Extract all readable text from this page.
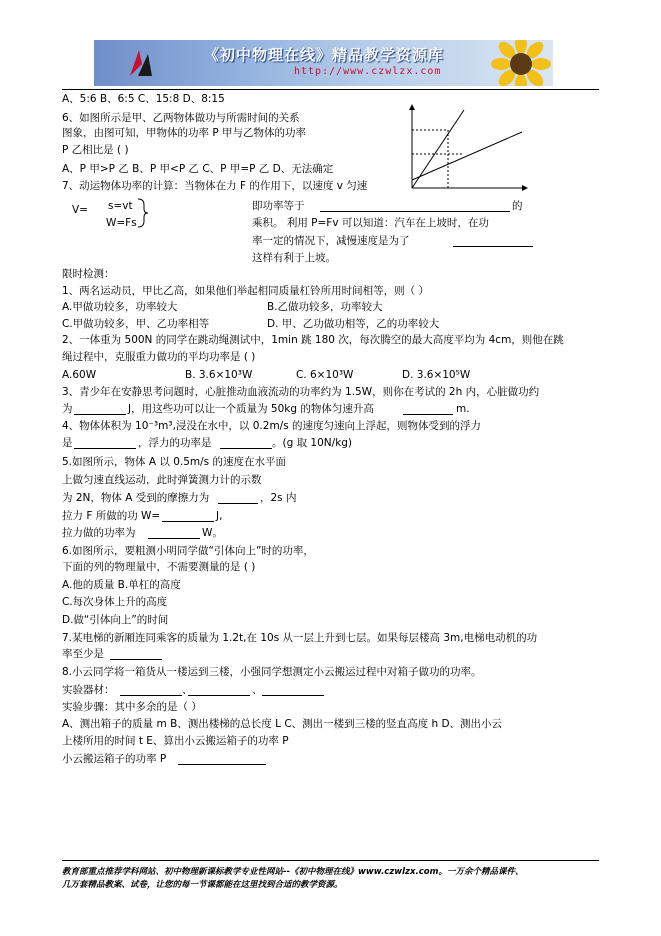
《初中物理在线》精品教学资源库
http://www.czwlzx.com
A、5:6 B、6:5 C、15:8 D、8:15
6、如图所示是甲、乙两物体做功与所需时间的关系
图象，由图可知，甲物体的功率 P 甲与乙物体的功率
P 乙相比是 ( )
A、P 甲>P 乙 B、P 甲<P 乙 C、P 甲=P 乙 D、无法确定
7、动运物体功率的计算：当物体在力 F 的作用下，以速度 v 匀速
V= s=vt
W=Fs
即功率等于	的
乘积。 利用 P=Fv 可以知道：汽车在上坡时，在功
率一定的情况下，减慢速度是为了
这样有利于上坡。
限时检测：
1、两名运动员，甲比乙高，如果他们举起相同质量杠铃所用时间相等，则（ ）
A.甲做功较多，功率较大	B.乙做功较多，功率较大
C.甲做功较多，甲、乙功率相等	D. 甲、乙功做功相等，乙的功率较大
2、一体重为 500N 的同学在跳动绳测试中，1min 跳 180 次，每次腾空的最大高度平均为 4cm，则他在跳
绳过程中，克服重力做功的平均功率是 ( )
A.60W	B. 3.6×10³W	C. 6×10³W	D. 3.6×10⁵W
3、青少年在安静思考问题时，心脏推动血液流动的功率约为 1.5W，则你在考试的 2h 内，心脏做功约
为	J，用这些功可以让一个质量为 50kg 的物体匀速升高	m.
4、物体体积为 10⁻³m³,浸没在水中，以 0.2m/s 的速度匀速向上浮起，则物体受到的浮力
是	，浮力的功率是	。(g 取 10N/kg)
5.如图所示，物体 A 以 0.5m/s 的速度在水平面
上做匀速直线运动，此时弹簧测力计的示数
为 2N，物体 A 受到的摩擦力为	，2s 内
拉力 F 所做的功 W=	J,
拉力做的功率为	W。
6.如图所示，要粗测小明同学做“引体向上”时的功率，
下面的列的物理量中，不需要测量的是 ( )
A.他的质量 B.单杠的高度
C.每次身体上升的高度
D.做“引体向上”的时间
7.某电梯的新厢连同乘客的质量为 1.2t,在 10s 从一层上升到七层。如果每层楼高 3m,电梯电动机的功
率至少是
8.小云同学将一箱货从一楼运到三楼，小强同学想测定小云搬运过程中对箱子做功的功率。
实验器材：	、	、
实验步骤：其中多余的是（ ）
A、测出箱子的质量 m B、测出楼梯的总长度 L C、测出一楼到三楼的竖直高度 h D、测出小云
上楼所用的时间 t E、算出小云搬运箱子的功率 P
小云搬运箱子的功率 P
教育部重点推荐学科网站、初中物理新课标教学专业性网站--《初中物理在线》www.czwlzx.com。一万余个精品课件、
几万套精品教案、试卷，让您的每一节课都能在这里找到合适的教学资源。
